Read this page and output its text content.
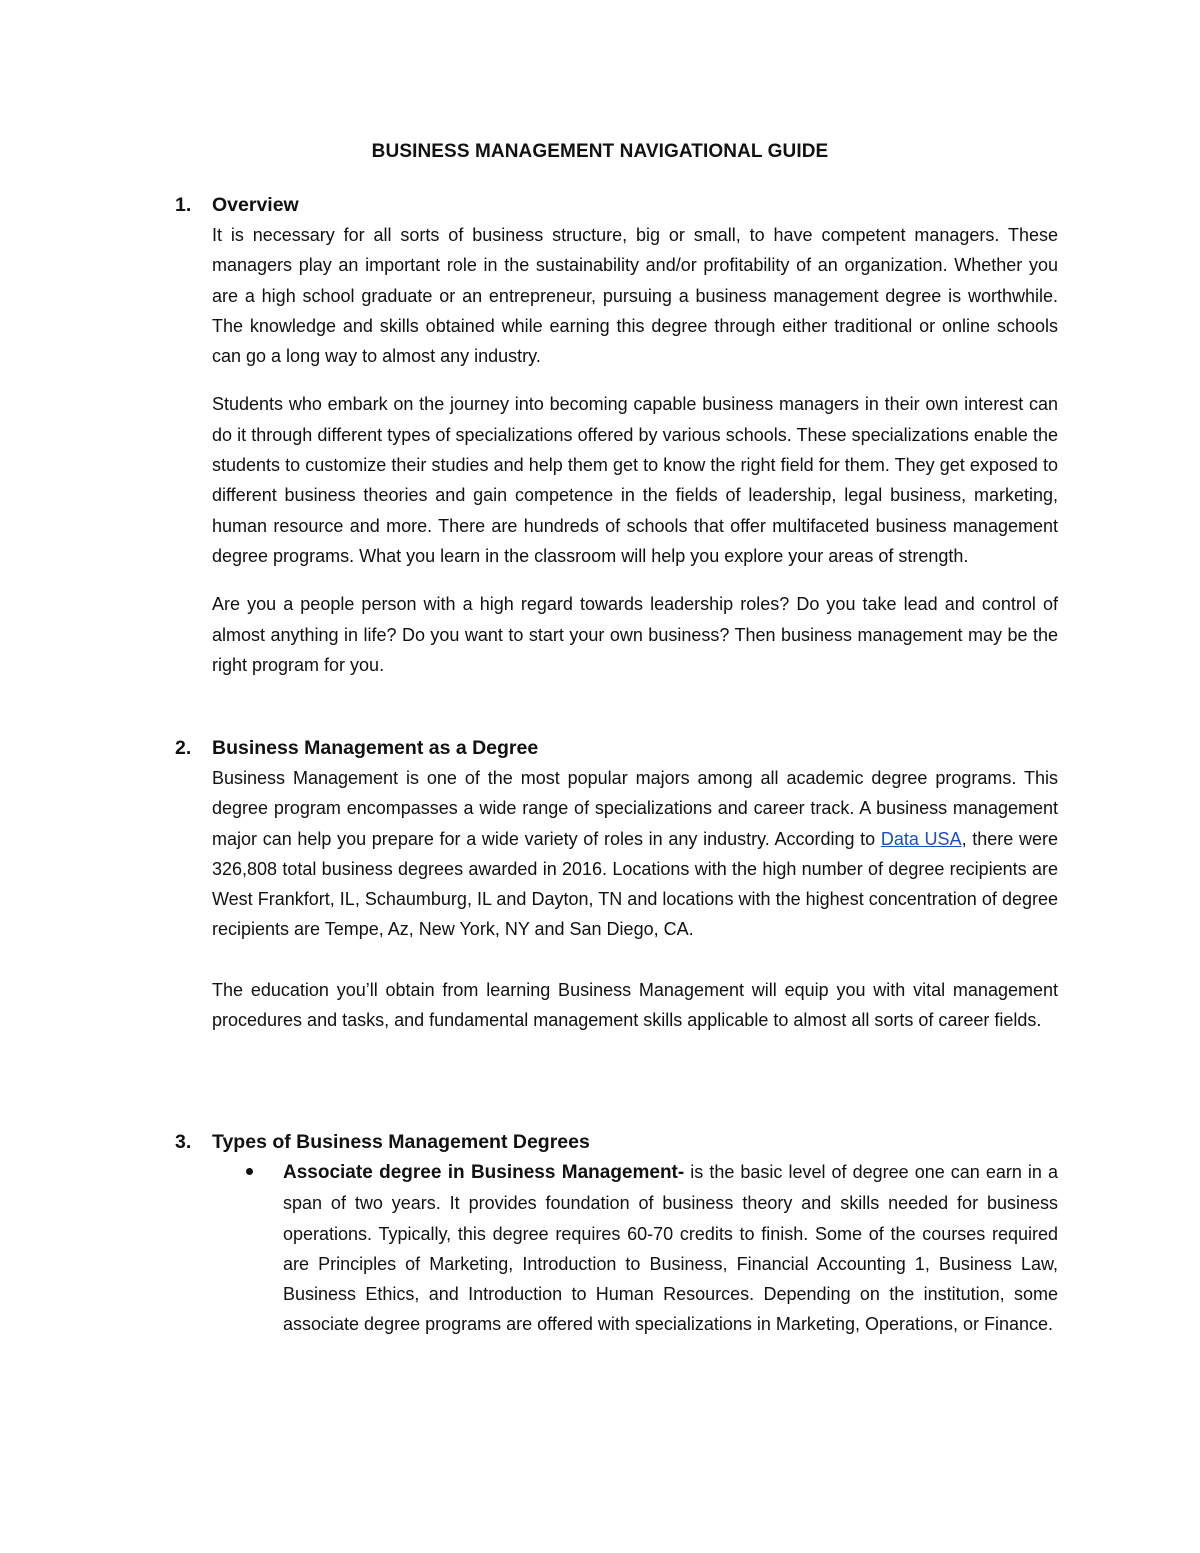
BUSINESS MANAGEMENT NAVIGATIONAL GUIDE
1. Overview

It is necessary for all sorts of business structure, big or small, to have competent managers. These managers play an important role in the sustainability and/or profitability of an organization. Whether you are a high school graduate or an entrepreneur, pursuing a business management degree is worthwhile. The knowledge and skills obtained while earning this degree through either traditional or online schools can go a long way to almost any industry.

Students who embark on the journey into becoming capable business managers in their own interest can do it through different types of specializations offered by various schools. These specializations enable the students to customize their studies and help them get to know the right field for them. They get exposed to different business theories and gain competence in the fields of leadership, legal business, marketing, human resource and more. There are hundreds of schools that offer multifaceted business management degree programs. What you learn in the classroom will help you explore your areas of strength.

Are you a people person with a high regard towards leadership roles? Do you take lead and control of almost anything in life? Do you want to start your own business? Then business management may be the right program for you.

2. Business Management as a Degree

Business Management is one of the most popular majors among all academic degree programs. This degree program encompasses a wide range of specializations and career track. A business management major can help you prepare for a wide variety of roles in any industry. According to Data USA, there were 326,808 total business degrees awarded in 2016. Locations with the high number of degree recipients are West Frankfort, IL, Schaumburg, IL and Dayton, TN and locations with the highest concentration of degree recipients are Tempe, Az, New York, NY and San Diego, CA.

The education you’ll obtain from learning Business Management will equip you with vital management procedures and tasks, and fundamental management skills applicable to almost all sorts of career fields.

3. Types of Business Management Degrees
Associate degree in Business Management- is the basic level of degree one can earn in a span of two years. It provides foundation of business theory and skills needed for business operations. Typically, this degree requires 60-70 credits to finish. Some of the courses required are Principles of Marketing, Introduction to Business, Financial Accounting 1, Business Law, Business Ethics, and Introduction to Human Resources. Depending on the institution, some associate degree programs are offered with specializations in Marketing, Operations, or Finance.
